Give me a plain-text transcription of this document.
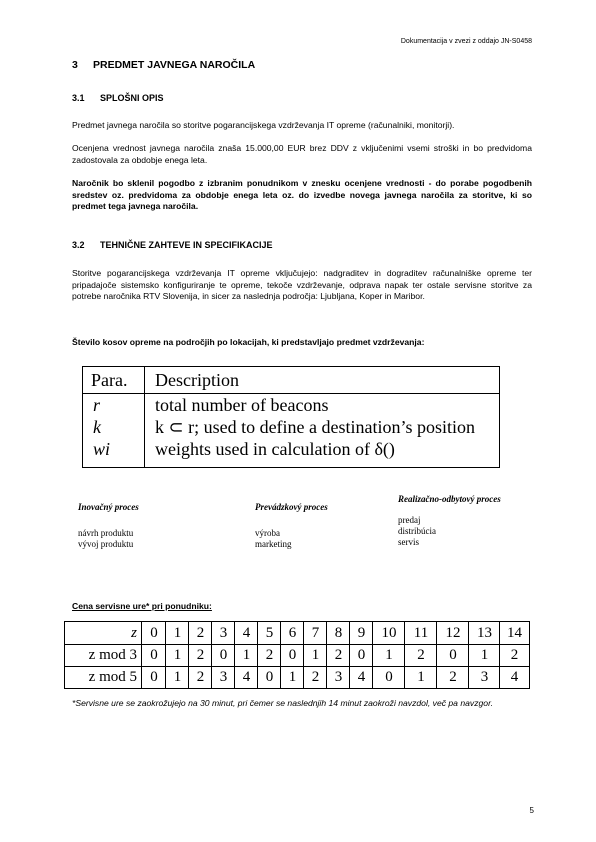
Dokumentacija v zvezi z oddajo JN-S0458
3 PREDMET JAVNEGA NAROČILA
3.1 SPLOŠNI OPIS
Predmet javnega naročila so storitve pogarancijskega vzdrževanja IT opreme (računalniki, monitorji).
Ocenjena vrednost javnega naročila znaša 15.000,00 EUR brez DDV z vključenimi vsemi stroški in bo predvidoma zadostovala za obdobje enega leta.
Naročnik bo sklenil pogodbo z izbranim ponudnikom v znesku ocenjene vrednosti - do porabe pogodbenih sredstev oz. predvidoma za obdobje enega leta oz. do izvedbe novega javnega naročila za storitve, ki so predmet tega javnega naročila.
3.2 TEHNIČNE ZAHTEVE IN SPECIFIKACIJE
Storitve pogarancijskega vzdrževanja IT opreme vključujejo: nadgraditev in dograditev računalniške opreme ter pripadajoče sistemsko konfiguriranje te opreme, tekoče vzdrževanje, odprava napak ter ostale servisne storitve za potrebe naročnika RTV Slovenija, in sicer za naslednja področja: Ljubljana, Koper in Maribor.
Število kosov opreme na področjih po lokacijah, ki predstavljajo predmet vzdrževanja:
Para. Description
r	total number of beacons
k	k ⊂ r; used to define a destination’s position
wi weights used in calculation of δ()
Inovačný proces
návrh produktu
vývoj produktu
Prevádzkový proces
výroba
marketing
Realizačno-odbytový proces
predaj
distribúcia
servis
Cena servisne ure* pri ponudniku:
z 0	1	2	3	4	5	6	7	8	9	10	11	12	13	14
z mod 3 0	1	2	0	1	2	0	1	2	0	1	2	0	1	2
z mod 5 0	1	2	3	4	0	1	2	3	4	0	1	2	3	4
*Servisne ure se zaokrožujejo na 30 minut, pri čemer se naslednjih 14 minut zaokroži navzdol, več pa navzgor.
5
